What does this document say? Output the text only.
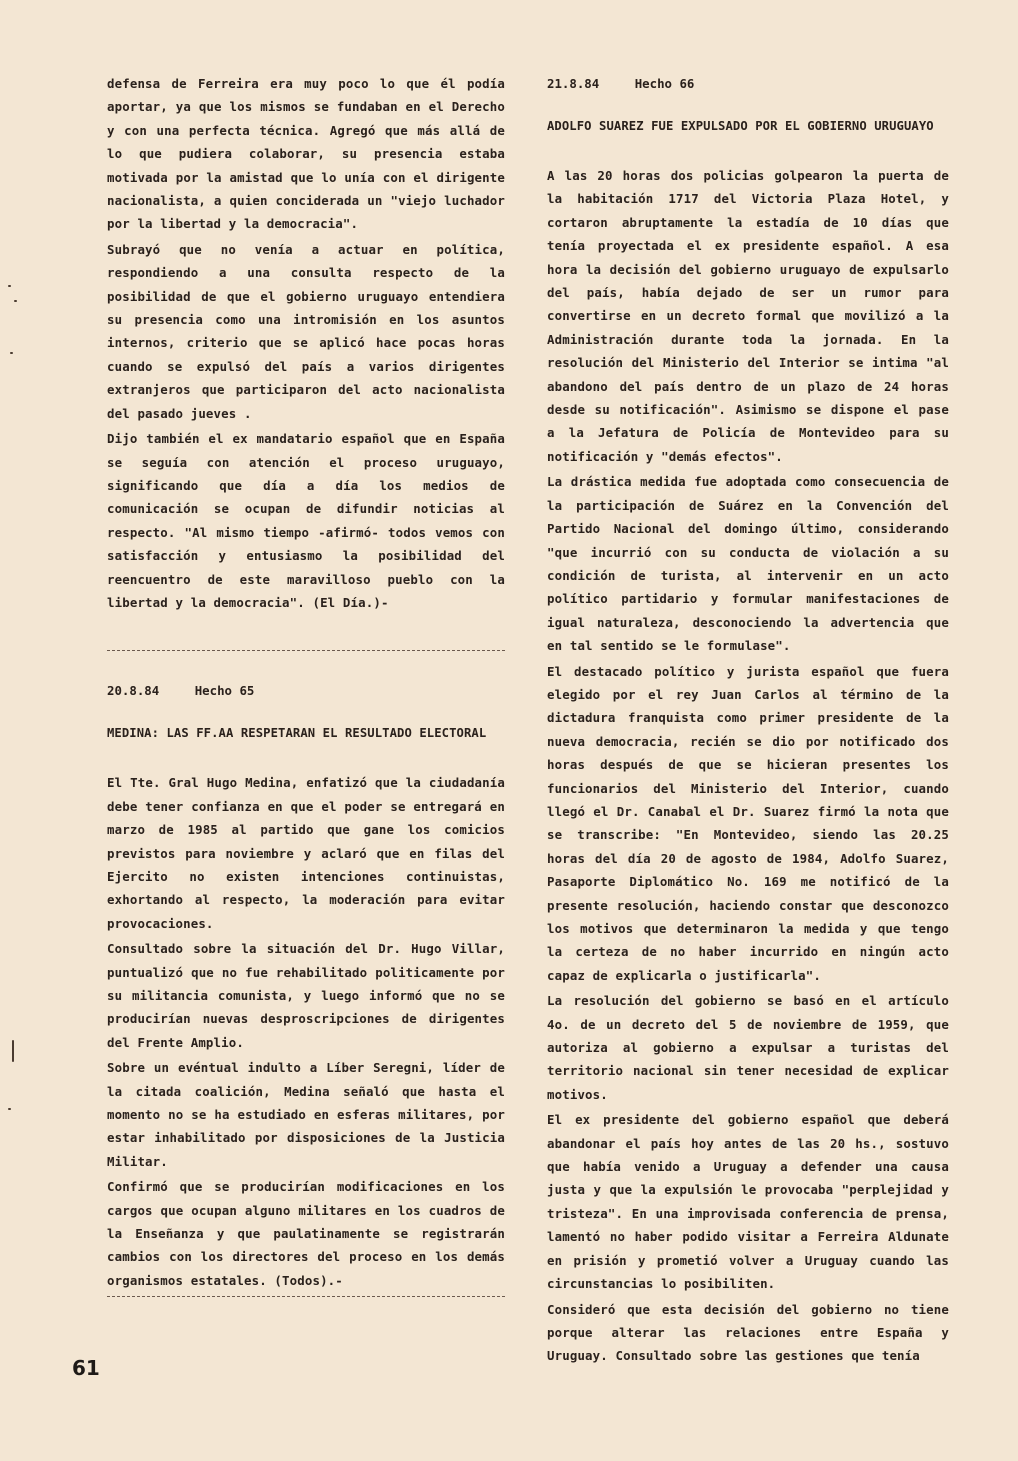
defensa de Ferreira era muy poco lo que él podía aportar, ya que los mismos se fundaban en el Derecho y con una perfecta técnica. Agregó que más allá de lo que pudiera colaborar, su presencia estaba motivada por la amistad que lo unía con el dirigente nacionalista, a quien conciderada un "viejo luchador por la libertad y la democracia".

Subrayó que no venía a actuar en política, respondiendo a una consulta respecto de la posibilidad de que el gobierno uruguayo entendiera su presencia como una intromisión en los asuntos internos, criterio que se aplicó hace pocas horas cuando se expulsó del país a varios dirigentes extranjeros que participaron del acto nacionalista del pasado jueves .

Dijo también el ex mandatario español que en España se seguía con atención el proceso uruguayo, significando que día a día los medios de comunicación se ocupan de difundir noticias al respecto. "Al mismo tiempo -afirmó- todos vemos con satisfacción y entusiasmo la posibilidad del reencuentro de este maravilloso pueblo con la libertad y la democracia". (El Día.)-

20.8.84	Hecho 65
MEDINA: LAS FF.AA RESPETARAN EL RESULTADO ELECTORAL

El Tte. Gral Hugo Medina, enfatizó que la ciudadanía debe tener confianza en que el poder se entregará en marzo de 1985 al partido que gane los comicios previstos para noviembre y aclaró que en filas del Ejercito no existen intenciones continuistas, exhortando al respecto, la moderación para evitar provocaciones.

Consultado sobre la situación del Dr. Hugo Villar, puntualizó que no fue rehabilitado politicamente por su militancia comunista, y luego informó que no se producirían nuevas desproscripciones de dirigentes del Frente Amplio.

Sobre un evéntual indulto a Líber Seregni, líder de la citada coalición, Medina señaló que hasta el momento no se ha estudiado en esferas militares, por estar inhabilitado por disposiciones de la Justicia Militar.

Confirmó que se producirían modificaciones en los cargos que ocupan alguno militares en los cuadros de la Enseñanza y que paulatinamente se registrarán cambios con los directores del proceso en los demás organismos estatales. (Todos).-

21.8.84	Hecho 66
ADOLFO SUAREZ FUE EXPULSADO POR EL GOBIERNO URUGUAYO

A las 20 horas dos policias golpearon la puerta de la habitación 1717 del Victoria Plaza Hotel, y cortaron abruptamente la estadía de 10 días que tenía proyectada el ex presidente español. A esa hora la decisión del gobierno uruguayo de expulsarlo del país, había dejado de ser un rumor para convertirse en un decreto formal que movilizó a la Administración durante toda la jornada. En la resolución del Ministerio del Interior se intima "al abandono del país dentro de un plazo de 24 horas desde su notificación". Asimismo se dispone el pase a la Jefatura de Policía de Montevideo para su notificación y "demás efectos".

La drástica medida fue adoptada como consecuencia de la participación de Suárez en la Convención del Partido Nacional del domingo último, considerando "que incurrió con su conducta de violación a su condición de turista, al intervenir en un acto político partidario y formular manifestaciones de igual naturaleza, desconociendo la advertencia que en tal sentido se le formulase".

El destacado político y jurista español que fuera elegido por el rey Juan Carlos al término de la dictadura franquista como primer presidente de la nueva democracia, recién se dio por notificado dos horas después de que se hicieran presentes los funcionarios del Ministerio del Interior, cuando llegó el Dr. Canabal el Dr. Suarez firmó la nota que se transcribe: "En Montevideo, siendo las 20.25 horas del día 20 de agosto de 1984, Adolfo Suarez, Pasaporte Diplomático No. 169 me notificó de la presente resolución, haciendo constar que desconozco los motivos que determinaron la medida y que tengo la certeza de no haber incurrido en ningún acto capaz de explicarla o justificarla".

La resolución del gobierno se basó en el artículo 4o. de un decreto del 5 de noviembre de 1959, que autoriza al gobierno a expulsar a turistas del territorio nacional sin tener necesidad de explicar motivos.

El ex presidente del gobierno español que deberá abandonar el país hoy antes de las 20 hs., sostuvo que había venido a Uruguay a defender una causa justa y que la expulsión le provocaba "perplejidad y tristeza". En una improvisada conferencia de prensa, lamentó no haber podido visitar a Ferreira Aldunate en prisión y prometió volver a Uruguay cuando las circunstancias lo posibiliten.

Consideró que esta decisión del gobierno no tiene porque alterar las relaciones entre España y Uruguay. Consultado sobre las gestiones que tenía

61
